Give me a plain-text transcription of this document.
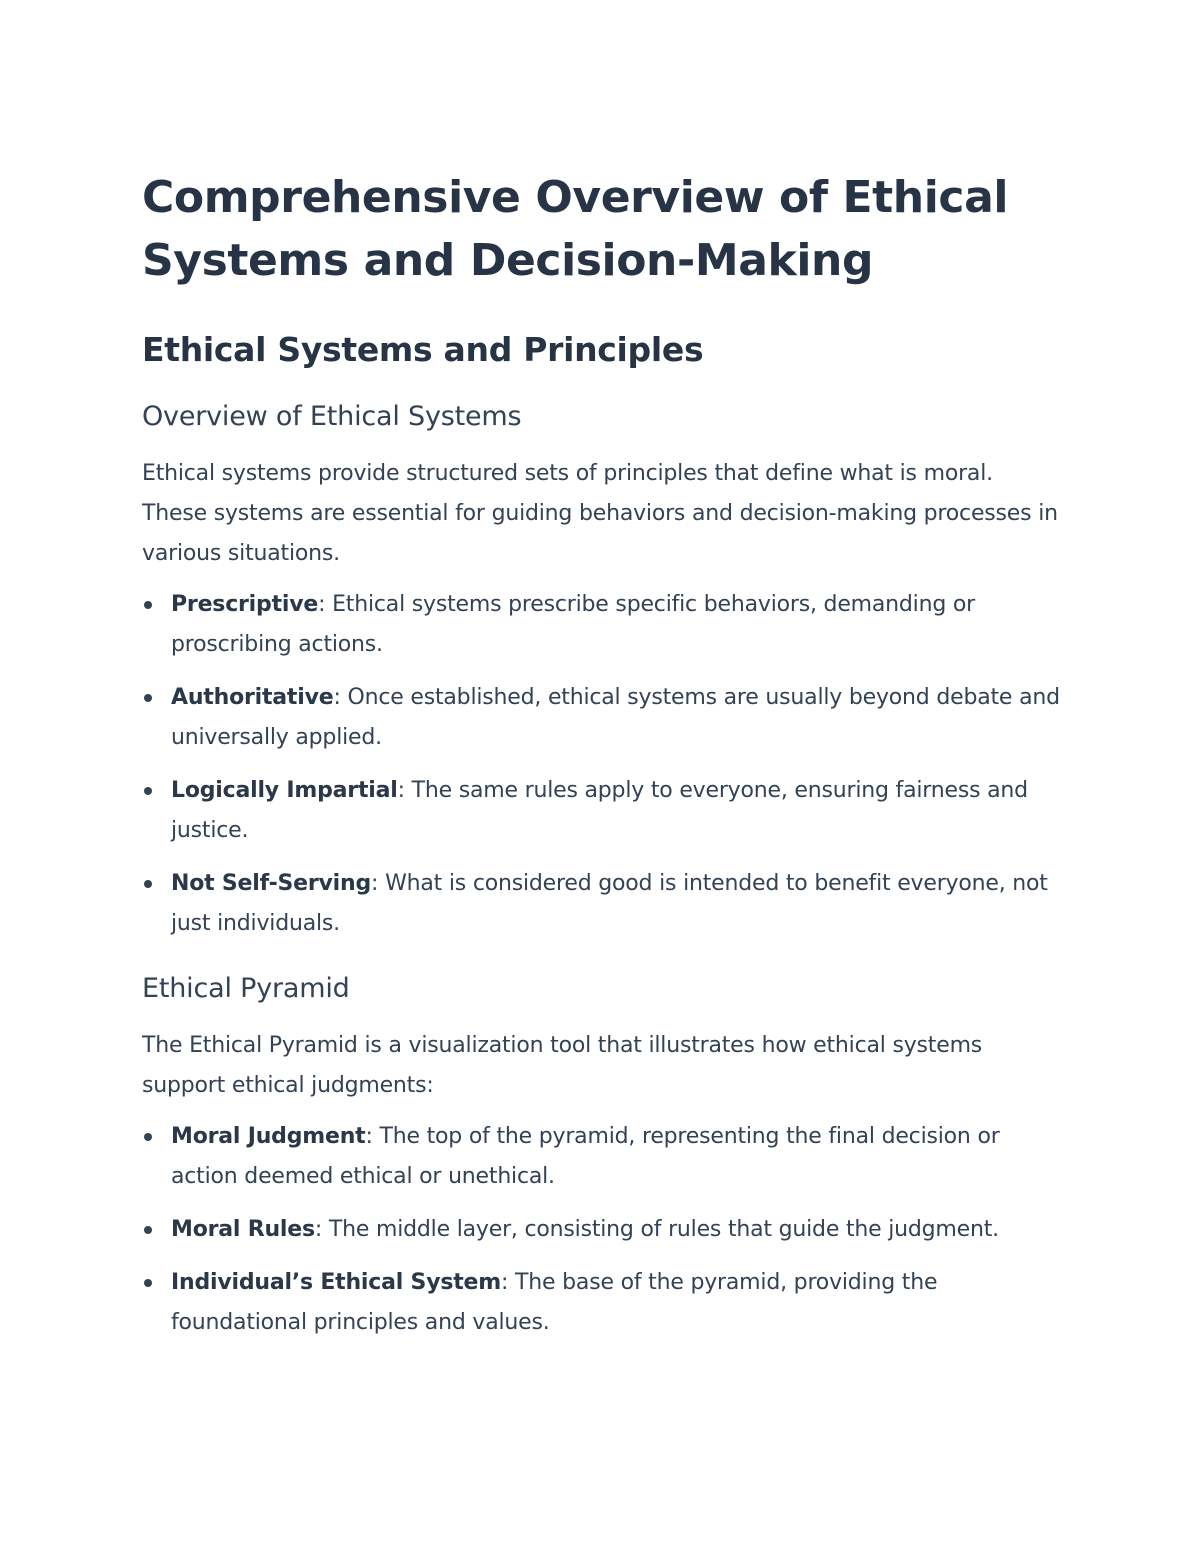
Comprehensive Overview of Ethical
Systems and Decision-Making
Ethical Systems and Principles
Overview of Ethical Systems

Ethical systems provide structured sets of principles that define what is moral. These systems are essential for guiding behaviors and decision-making processes in various situations.

Prescriptive: Ethical systems prescribe specific behaviors, demanding or proscribing actions.
Authoritative: Once established, ethical systems are usually beyond debate and universally applied.
Logically Impartial: The same rules apply to everyone, ensuring fairness and justice.
Not Self-Serving: What is considered good is intended to benefit everyone, not just individuals.
Ethical Pyramid

The Ethical Pyramid is a visualization tool that illustrates how ethical systems support ethical judgments:

Moral Judgment: The top of the pyramid, representing the final decision or action deemed ethical or unethical.
Moral Rules: The middle layer, consisting of rules that guide the judgment.
Individual’s Ethical System: The base of the pyramid, providing the foundational principles and values.
